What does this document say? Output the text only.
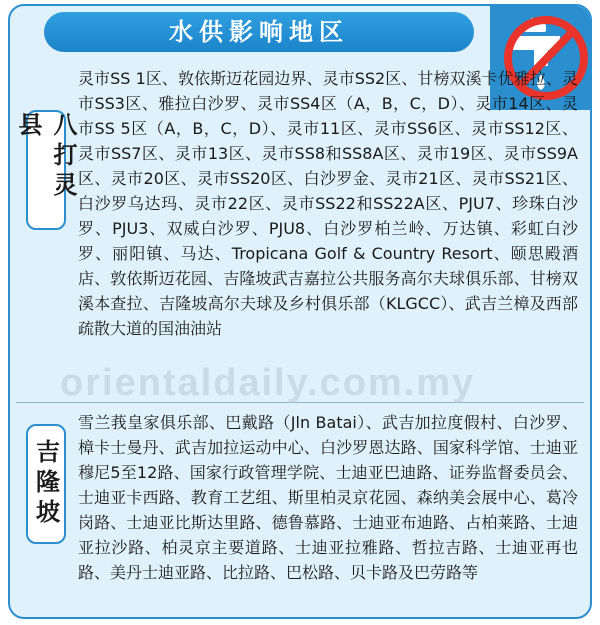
水供影响地区
八打灵县
灵市SS 1区、敦依斯迈花园边界、灵市SS2区、甘榜双溪卡优雅拉、灵市SS3区、雅拉白沙罗、灵市SS4区（A，B，C，D）、灵市14区、灵市SS 5区（A，B，C，D）、灵市11区、灵市SS6区、灵市SS12区、灵市SS7区、灵市13区、灵市SS8和SS8A区、灵市19区、灵市SS9A区、灵市20区、灵市SS20区、白沙罗金、灵市21区、灵市SS21区、白沙罗乌达玛、灵市22区、灵市SS22和SS22A区、PJU7、珍珠白沙罗、PJU3、双威白沙罗、PJU8、白沙罗柏兰岭、万达镇、彩虹白沙罗、丽阳镇、马达、Tropicana Golf & Country Resort、颐思殿酒店、敦依斯迈花园、吉隆坡武吉嘉拉公共服务高尔夫球俱乐部、甘榜双溪本查拉、吉隆坡高尔夫球及乡村俱乐部（KLGCC）、武吉兰樟及西部疏散大道的国油油站
orientaldaily.com.my
吉隆坡
雪兰莪皇家俱乐部、巴戴路（Jln Batai）、武吉加拉度假村、白沙罗、樟卡士曼丹、武吉加拉运动中心、白沙罗恩达路、国家科学馆、士迪亚穆尼5至12路、国家行政管理学院、士迪亚巴迪路、证券监督委员会、士迪亚卡西路、教育工艺组、斯里柏灵京花园、森纳美会展中心、葛冷岗路、士迪亚比斯达里路、德鲁慕路、士迪亚布迪路、占柏莱路、士迪亚拉沙路、柏灵京主要道路、士迪亚拉雅路、哲拉吉路、士迪亚再也路、美丹士迪亚路、比拉路、巴松路、贝卡路及巴劳路等
